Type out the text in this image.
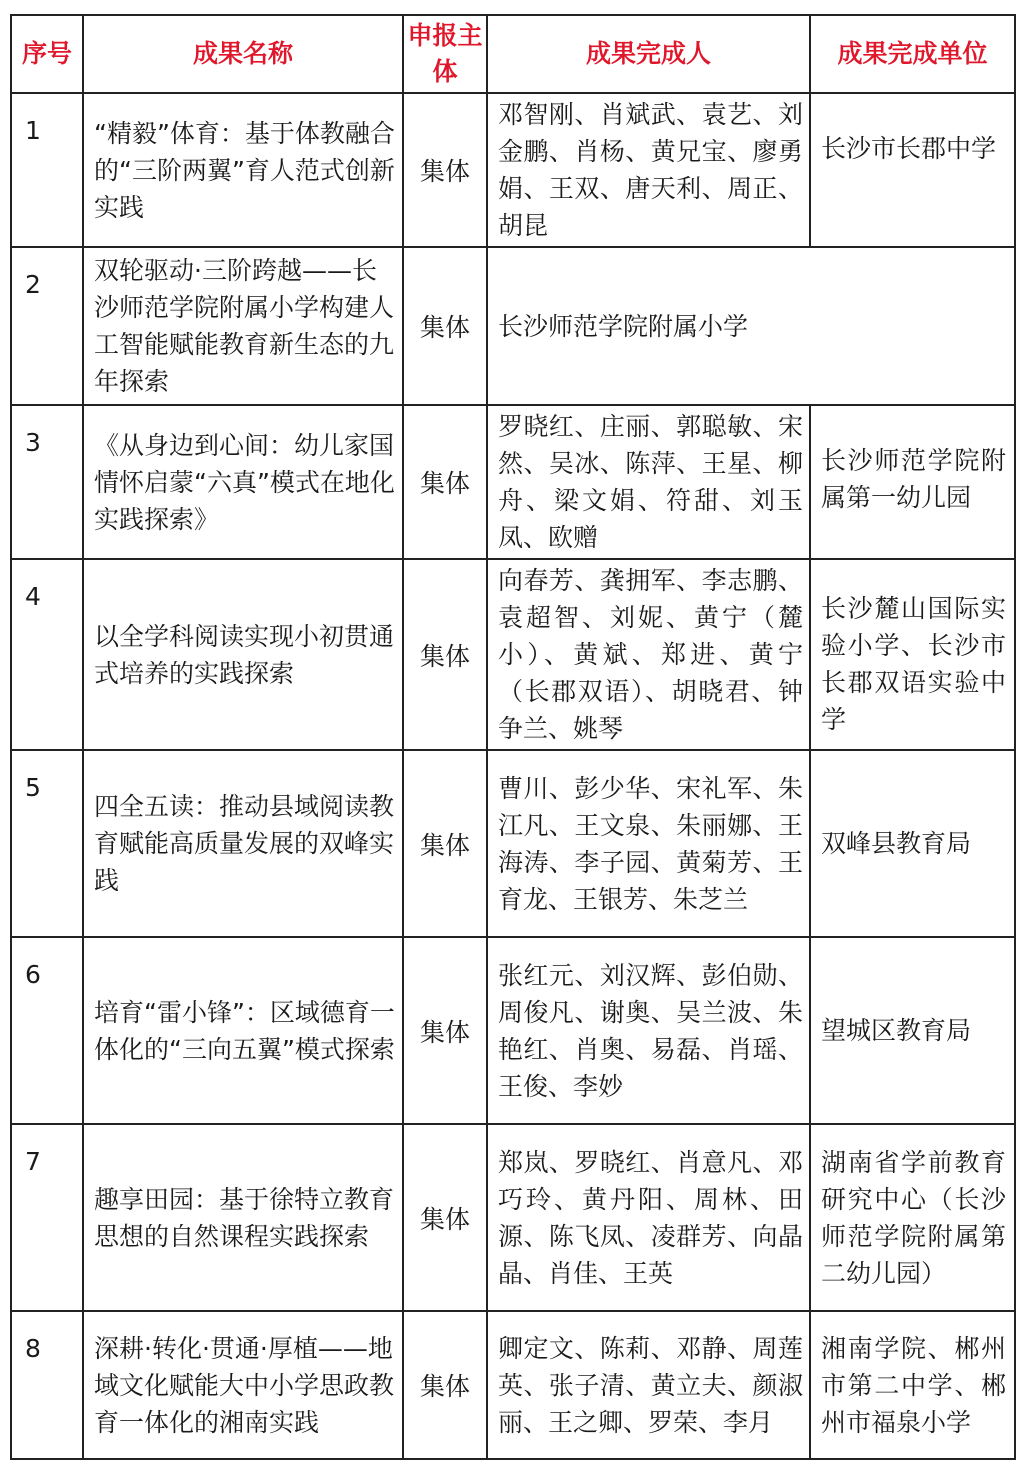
序号	成果名称	申报主体	成果完成人	成果完成单位
1	“精毅”体育：基于体教融合的“三阶两翼”育人范式创新实践	集体	邓智刚、肖斌武、袁艺、刘金鹏、肖杨、黄兄宝、廖勇娟、王双、唐天利、周正、胡昆	长沙市长郡中学
2	双轮驱动·三阶跨越——长沙师范学院附属小学构建人工智能赋能教育新生态的九年探索	集体	长沙师范学院附属小学	
3	《从身边到心间：幼儿家国情怀启蒙“六真”模式在地化实践探索》	集体	罗晓红、庄丽、郭聪敏、宋然、吴冰、陈萍、王星、柳舟、梁文娟、符甜、刘玉凤、欧赠	长沙师范学院附属第一幼儿园
4	以全学科阅读实现小初贯通式培养的实践探索	集体	向春芳、龚拥军、李志鹏、袁超智、刘妮、黄宁（麓小）、黄斌、郑进、黄宁（长郡双语）、胡晓君、钟争兰、姚琴	长沙麓山国际实验小学、长沙市长郡双语实验中学
5	四全五读：推动县域阅读教育赋能高质量发展的双峰实践	集体	曹川、彭少华、宋礼军、朱江凡、王文泉、朱丽娜、王海涛、李子园、黄菊芳、王育龙、王银芳、朱芝兰	双峰县教育局
6	培育“雷小锋”：区域德育一体化的“三向五翼”模式探索	集体	张红元、刘汉辉、彭伯勋、周俊凡、谢奥、吴兰波、朱艳红、肖奥、易磊、肖瑶、王俊、李妙	望城区教育局
7	趣享田园：基于徐特立教育思想的自然课程实践探索	集体	郑岚、罗晓红、肖意凡、邓巧玲、黄丹阳、周林、田源、陈飞凤、凌群芳、向晶晶、肖佳、王英	湖南省学前教育研究中心（长沙师范学院附属第二幼儿园）
8	深耕·转化·贯通·厚植——地域文化赋能大中小学思政教育一体化的湘南实践	集体	卿定文、陈莉、邓静、周莲英、张子清、黄立夫、颜淑丽、王之卿、罗荣、李月	湘南学院、郴州市第二中学、郴州市福泉小学
